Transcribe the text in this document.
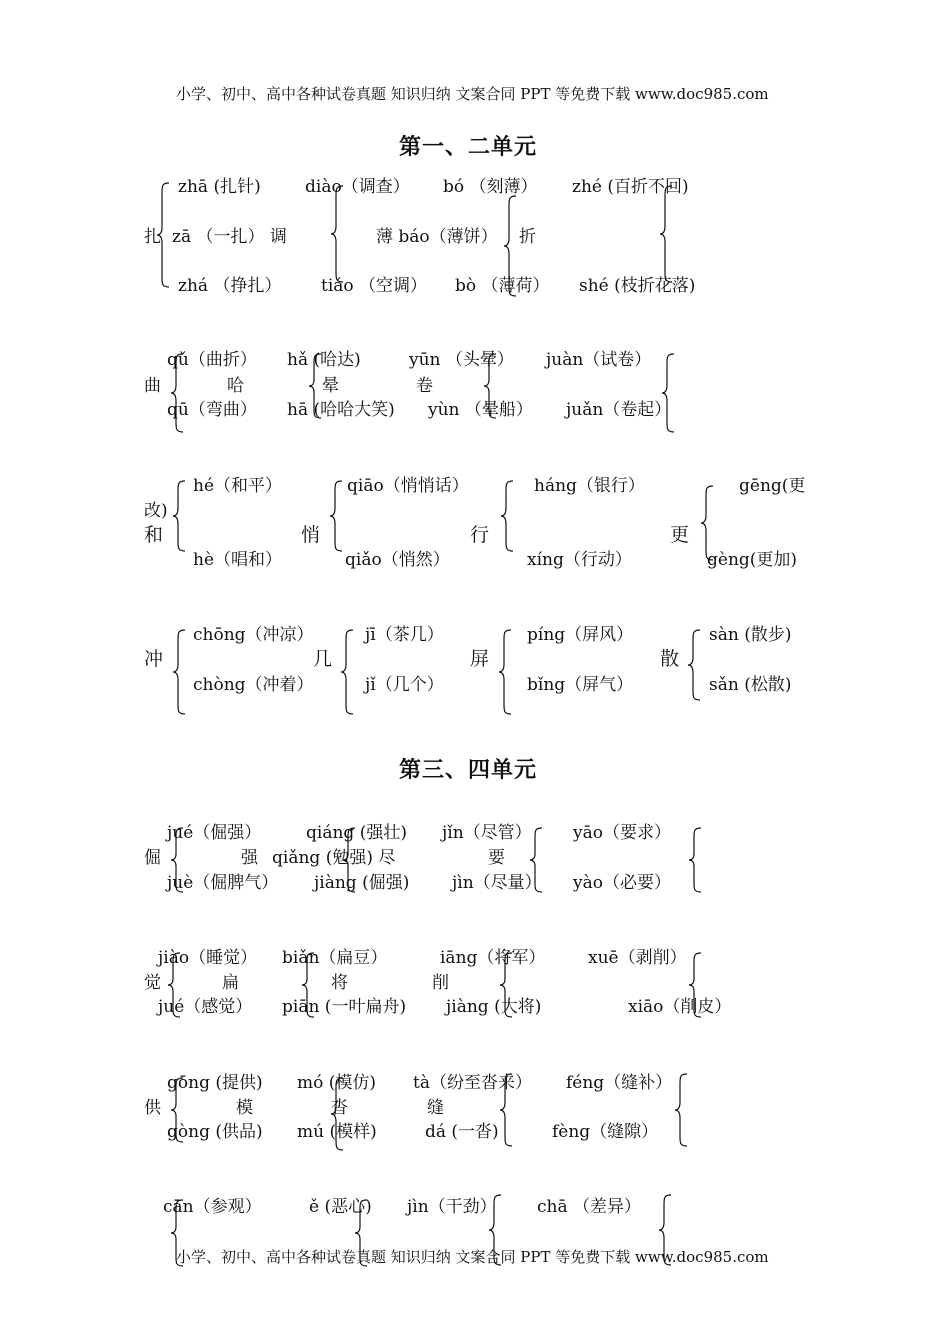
小学、初中、高中各种试卷真题 知识归纳 文案合同 PPT 等免费下载 www.doc985.com
第一、二单元
zhā (扎针)	diào（调查） bó （刻薄） zhé (百折不回)
扎 zā （一扎） 调	薄 báo（薄饼） 折
zhá （挣扎） tiáo （空调） bò （薄荷） shé (枝折花落)
qǔ（曲折） hǎ (哈达)	yūn （头晕） juàn（试卷）
曲	哈	晕	卷
qū（弯曲） hā (哈哈大笑) yùn （晕船） juǎn（卷起）
hé（和平）	qiāo（悄悄话）	háng（银行）	gēng(更
改)
和	悄	行	更
hè（唱和）	qiǎo（悄然）	xíng（行动）	gèng(更加)
chōng（冲凉）	jī（茶几）	píng（屏风）	sàn (散步)
冲	几	屏	散
chòng（冲着）	jǐ（几个）	bǐng（屏气）	sǎn (松散)
第三、四单元
jué（倔强）	qiáng (强壮) jǐn（尽管） yāo（要求）
倔	强 qiǎng (勉强) 尽	要
juè（倔脾气） jiàng (倔强)	jìn（尽量） yào（必要）
jiào（睡觉） biǎn（扁豆）	iāng（将军）	xuē（剥削）
觉	扁	将	削
jué（感觉） piān (一叶扁舟) jiàng (大将)	xiāo（削皮）
gōng (提供) mó (模仿) tà（纷至沓来） féng（缝补）
供	模	沓	缝
gòng (供品) mú (模样)	dá (一沓)	fèng（缝隙）
cān（参观）	ě (恶心) jìn（干劲） chā （差异）
小学、初中、高中各种试卷真题 知识归纳 文案合同 PPT 等免费下载 www.doc985.com
